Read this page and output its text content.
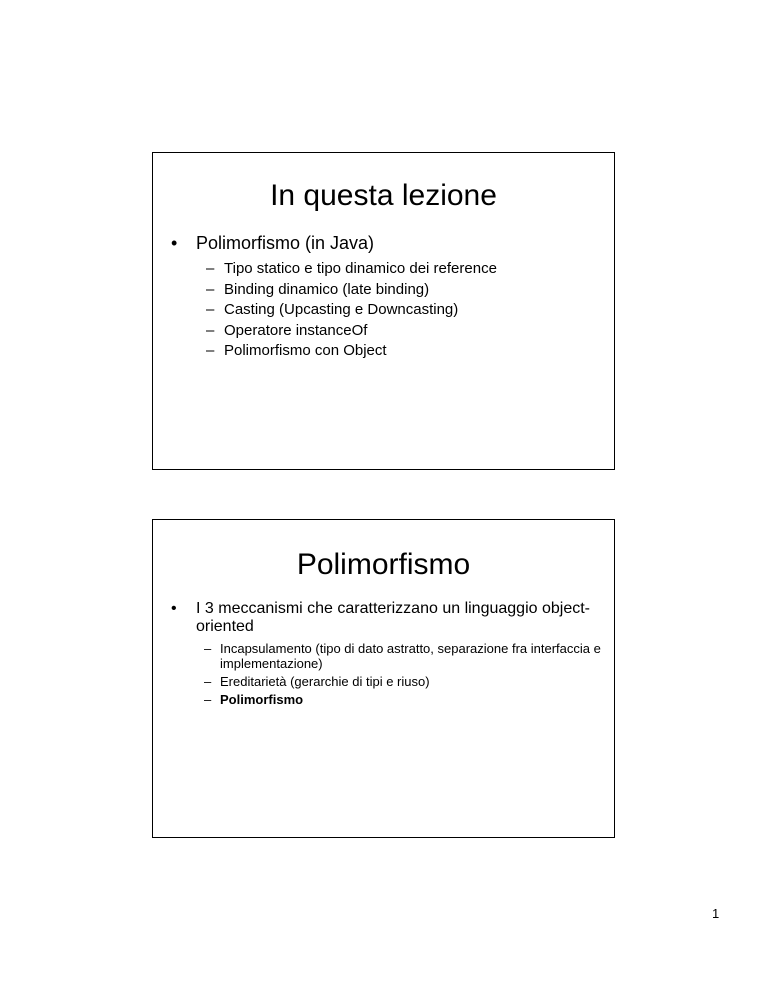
In questa lezione
• Polimorfismo (in Java)
– Tipo statico e tipo dinamico dei reference
– Binding dinamico (late binding)
– Casting (Upcasting e Downcasting)
– Operatore instanceOf
– Polimorfismo con Object
Polimorfismo
• I 3 meccanismi che caratterizzano un linguaggio object-oriented
– Incapsulamento (tipo di dato astratto, separazione fra interfaccia e implementazione)
– Ereditarietà (gerarchie di tipi e riuso)
– Polimorfismo
1
